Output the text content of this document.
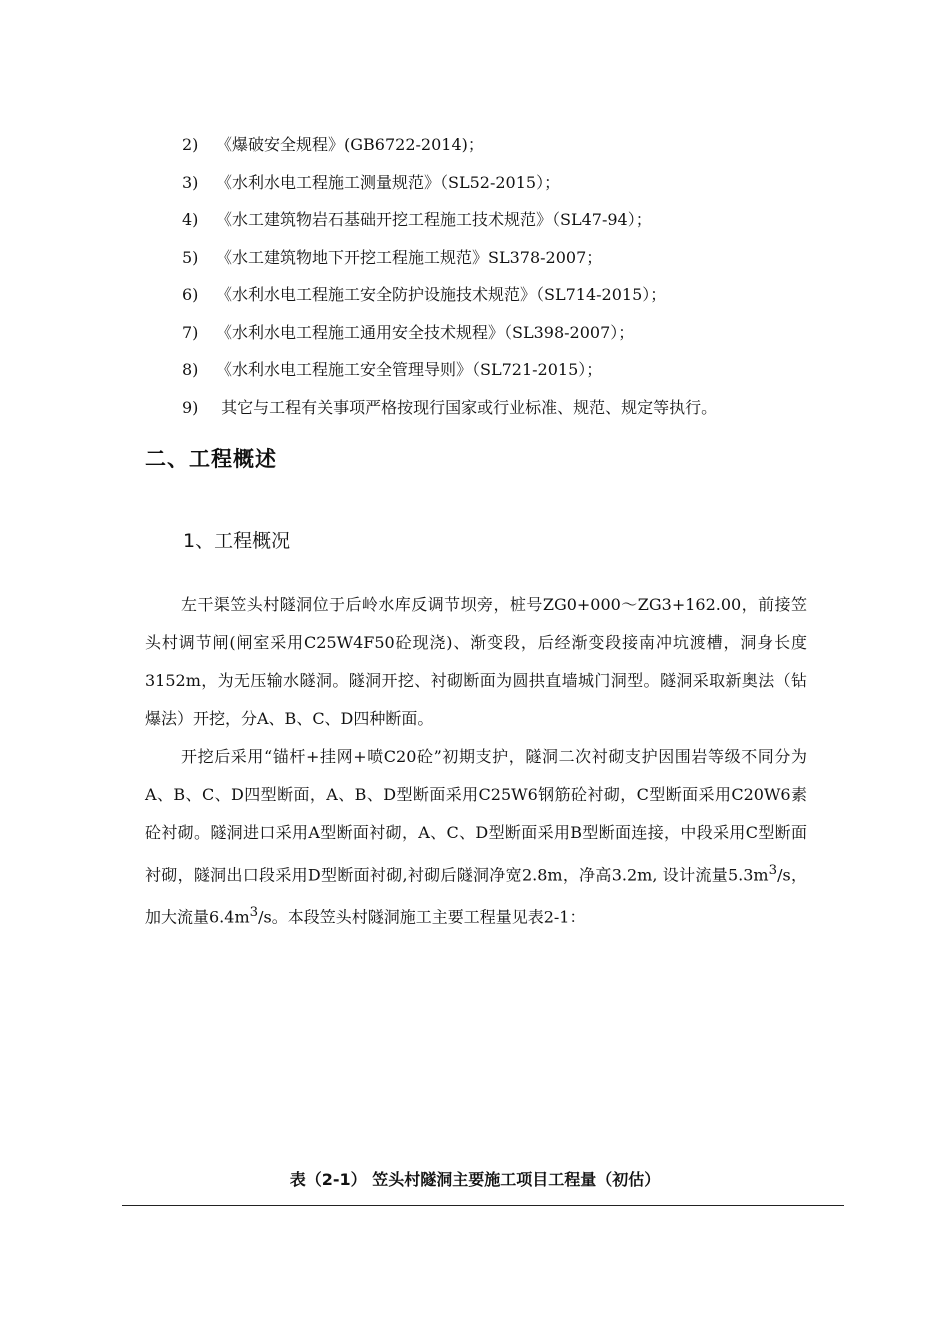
2) 《爆破安全规程》(GB6722-2014)；
3) 《水利水电工程施工测量规范》（SL52-2015）；
4) 《水工建筑物岩石基础开挖工程施工技术规范》（SL47-94）；
5) 《水工建筑物地下开挖工程施工规范》SL378-2007；
6) 《水利水电工程施工安全防护设施技术规范》（SL714-2015）；
7) 《水利水电工程施工通用安全技术规程》（SL398-2007）；
8) 《水利水电工程施工安全管理导则》（SL721-2015）；
9) 其它与工程有关事项严格按现行国家或行业标准、规范、规定等执行。
二、工程概述
1、工程概况

左干渠笠头村隧洞位于后岭水库反调节坝旁，桩号ZG0+000～ZG3+162.00，前接笠头村调节闸(闸室采用C25W4F50砼现浇)、渐变段，后经渐变段接南冲坑渡槽，洞身长度3152m，为无压输水隧洞。隧洞开挖、衬砌断面为圆拱直墙城门洞型。隧洞采取新奥法（钻爆法）开挖，分A、B、C、D四种断面。

开挖后采用“锚杆+挂网+喷C20砼”初期支护，隧洞二次衬砌支护因围岩等级不同分为A、B、C、D四型断面，A、B、D型断面采用C25W6钢筋砼衬砌，C型断面采用C20W6素砼衬砌。隧洞进口采用A型断面衬砌，A、C、D型断面采用B型断面连接，中段采用C型断面衬砌，隧洞出口段采用D型断面衬砌,衬砌后隧洞净宽2.8m，净高3.2m, 设计流量$5.3m^3/s$，加大流量$6.4m^3/s$。本段笠头村隧洞施工主要工程量见表2-1：

表（2-1） 笠头村隧洞主要施工项目工程量（初估）
